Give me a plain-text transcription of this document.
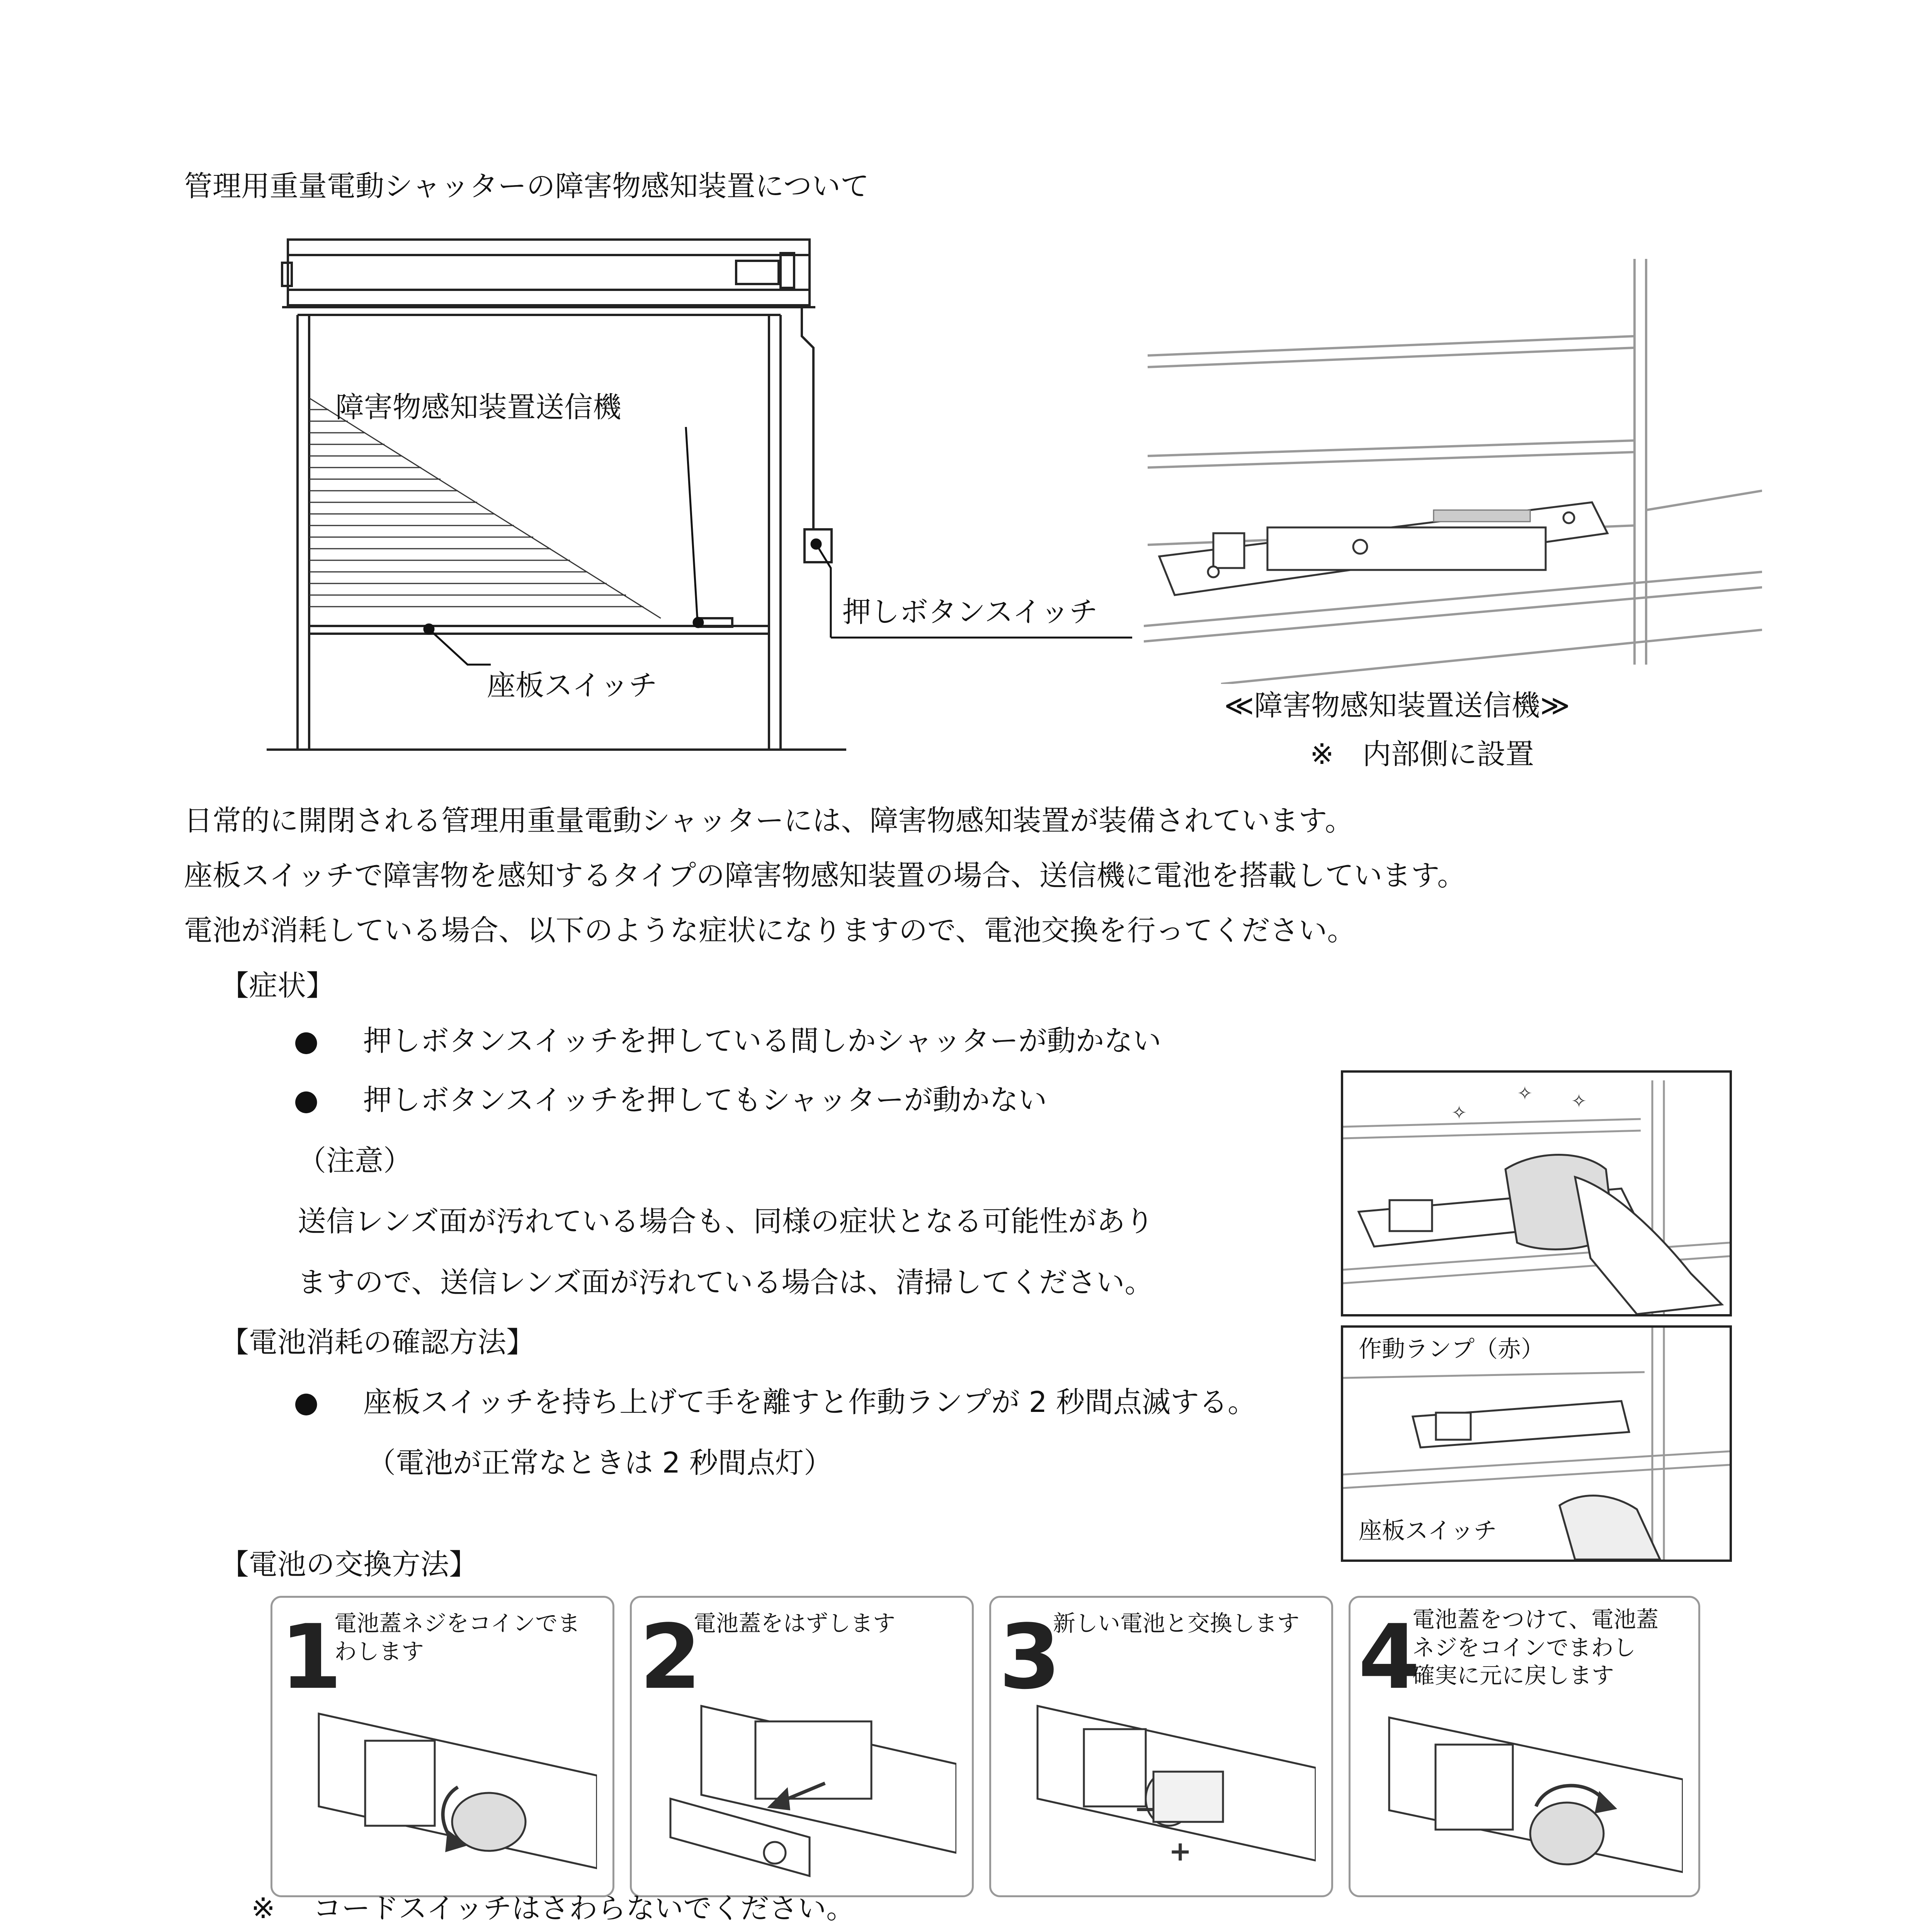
管理用重量電動シャッターの障害物感知装置について
障害物感知装置送信機
座板スイッチ
押しボタンスイッチ
≪障害物感知装置送信機≫
※　内部側に設置
日常的に開閉される管理用重量電動シャッターには、障害物感知装置が装備されています。
座板スイッチで障害物を感知するタイプの障害物感知装置の場合、送信機に電池を搭載しています。
電池が消耗している場合、以下のような症状になりますので、電池交換を行ってください。
【症状】
● 押しボタンスイッチを押している間しかシャッターが動かない
● 押しボタンスイッチを押してもシャッターが動かない
（注意）
送信レンズ面が汚れている場合も、同様の症状となる可能性があり
ますので、送信レンズ面が汚れている場合は、清掃してください。
✧
✧ ✧
【電池消耗の確認方法】
● 座板スイッチを持ち上げて手を離すと作動ランプが 2 秒間点滅する。
（電池が正常なときは 2 秒間点灯）
作動ランプ（赤）
座板スイッチ
【電池の交換方法】
1
電池蓋ネジをコインでま
わします	2
電池蓋をはずします 3
新しい電池と交換します
−
+
4
電池蓋をつけて、電池蓋
ネジをコインでまわし
確実に元に戻します
※ コードスイッチはさわらないでください。
